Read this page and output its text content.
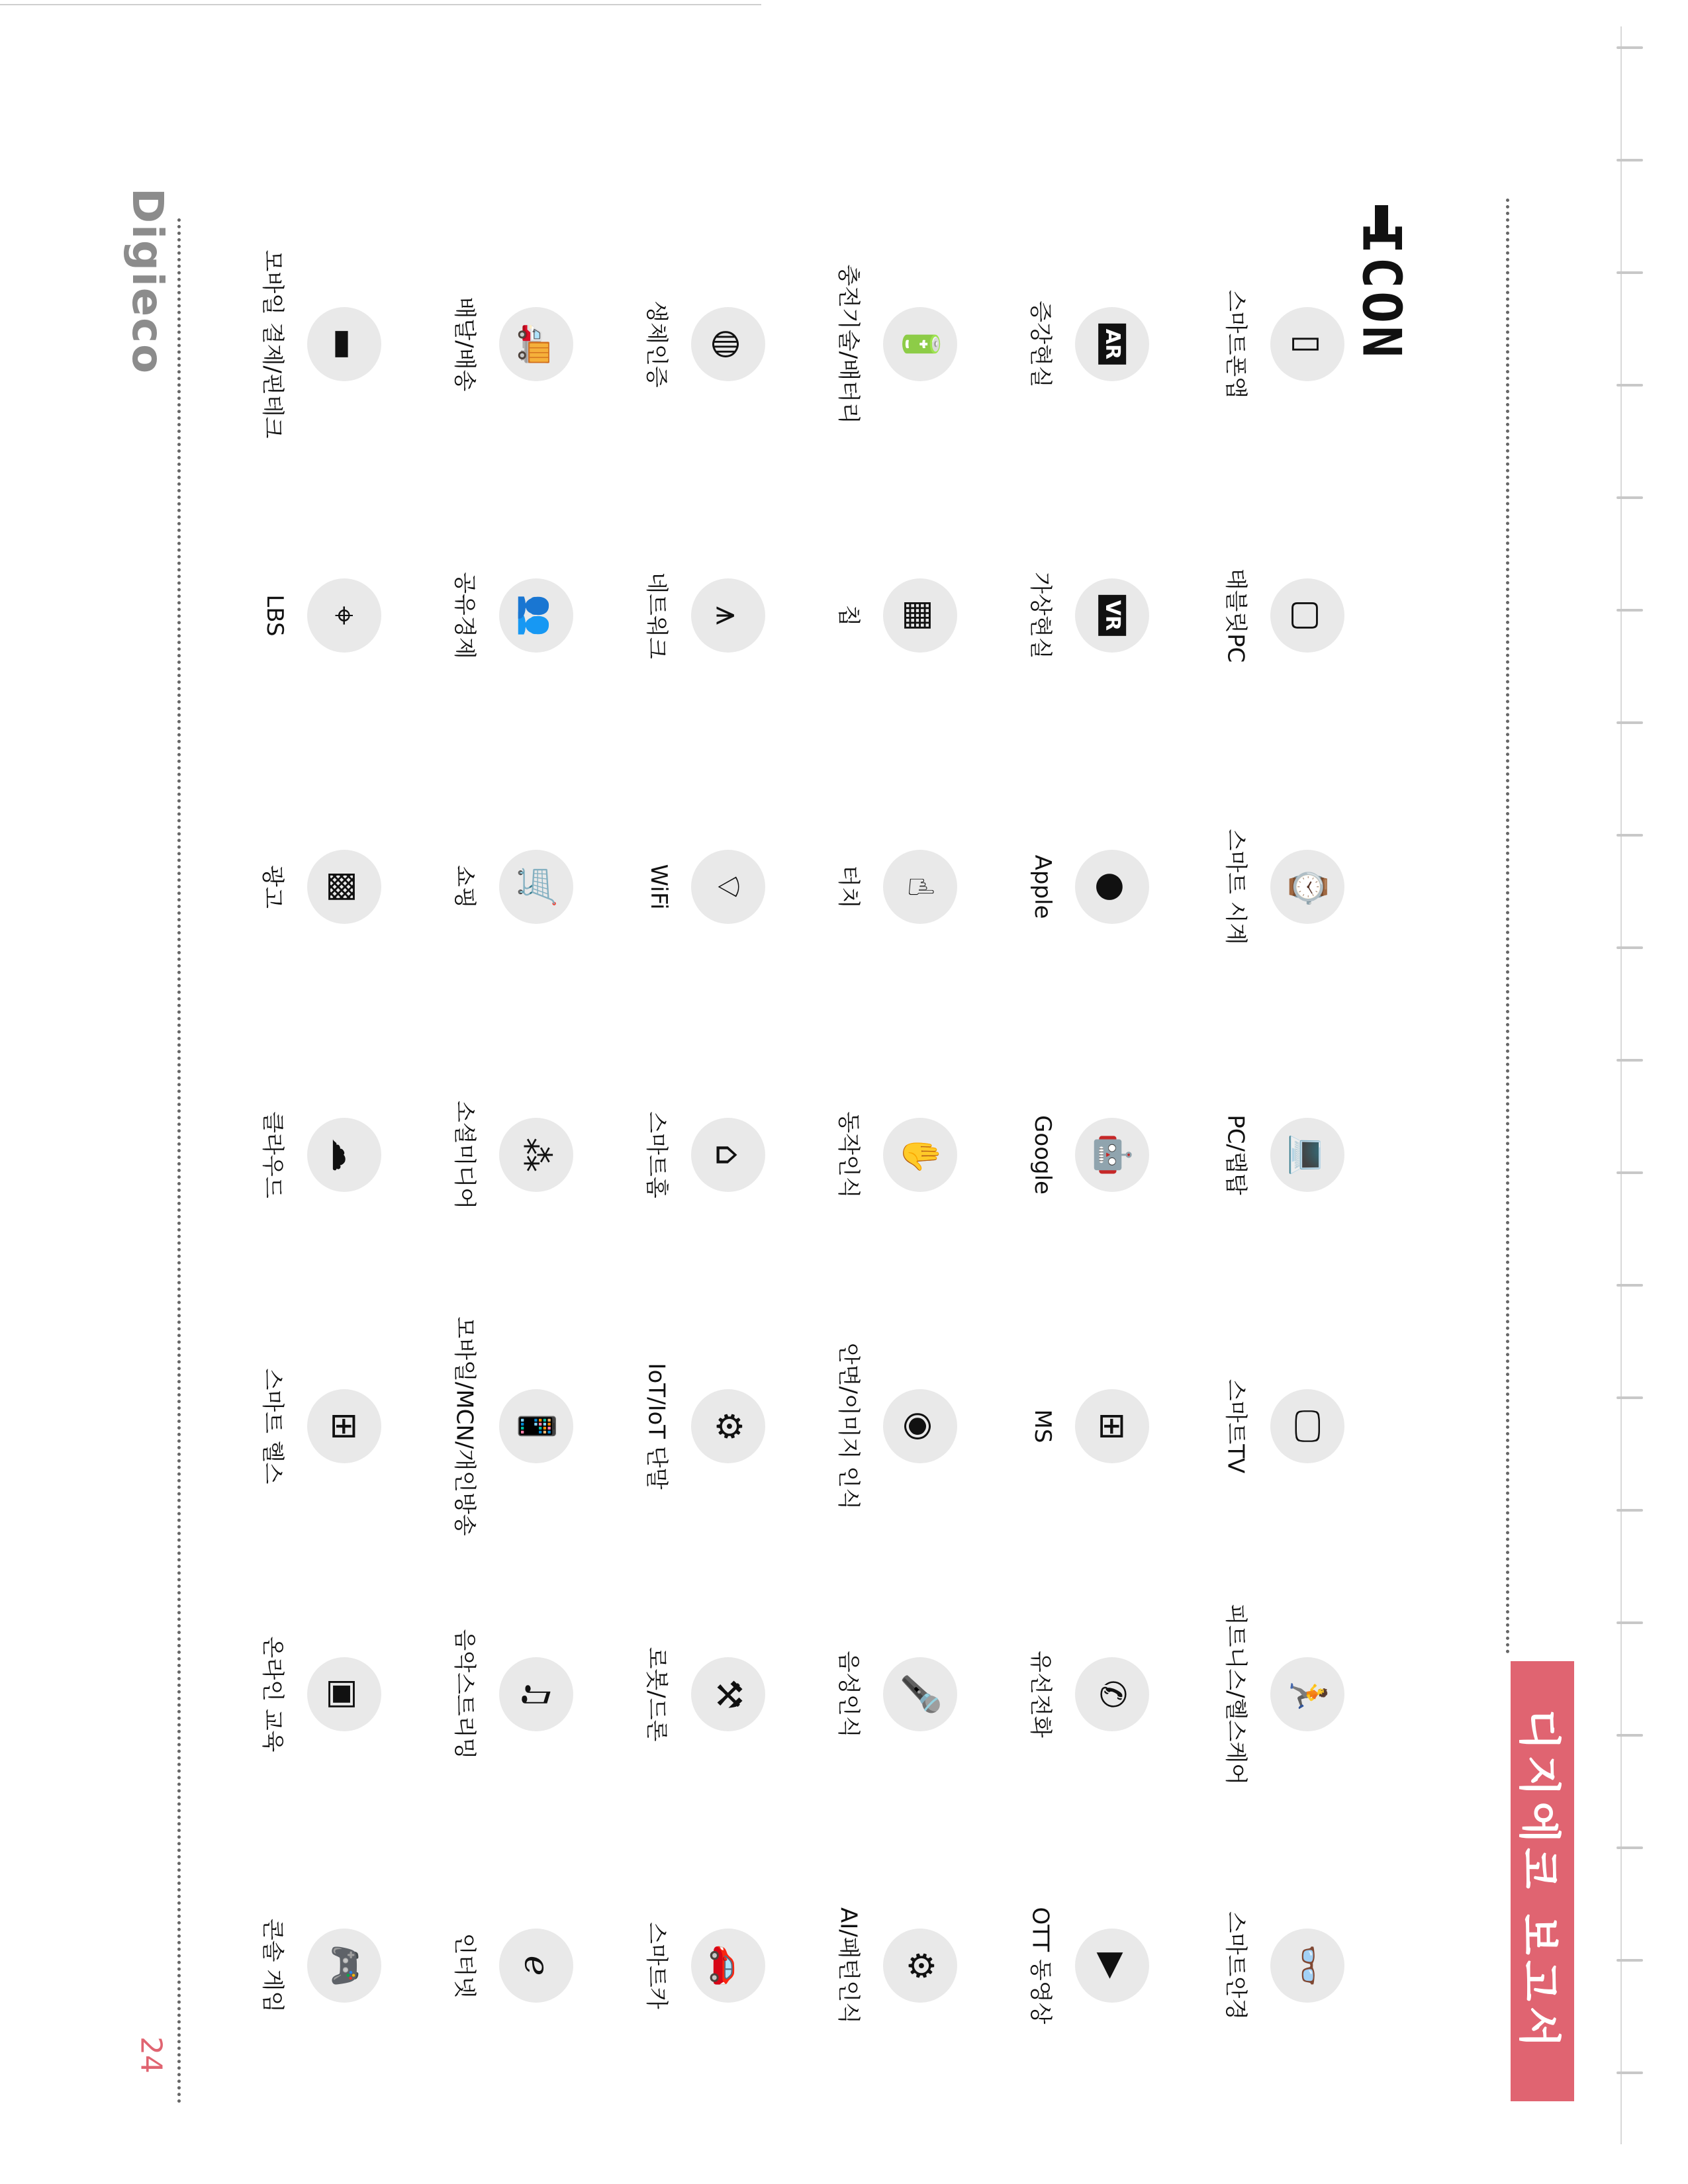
디지에코 보고서
ICON
Digieco
24
▯
스마트폰앱
▢
태블릿PC
⌚
스마트 시계
💻
PC/랩탑
🖵
스마트TV
🏃
피트니스/헬스케어
👓
스마트안경
AR
증강현실
VR
가상현실
●
Apple
🤖
Google
⊞
MS
✆
유선전화
▶
OTT 동영상
🔋
충전기술/배터리
▦
칩
☝
터치
✋
동작인식
◉
안면/이미지 인식
🎤
음성인식
⚙
AI/패턴인식
◍
생체인증
⩚
네트워크
⌔
WiFi
⌂
스마트홈
⚙
IoT/IoT 단말
⚒
로봇/드론
🚗
스마트카
🚚
배달/배송
👥
공유경제
🛒
쇼핑
⁂
소셜미디어
📱
모바일/MCN/개인방송
♫
음악스트리밍
ℯ
인터넷
▬
모바일 결제/핀테크
⌖
LBS
▩
광고
☁
클라우드
⊞
스마트 헬스
▣
온라인 교육
🎮
콘솔 게임
